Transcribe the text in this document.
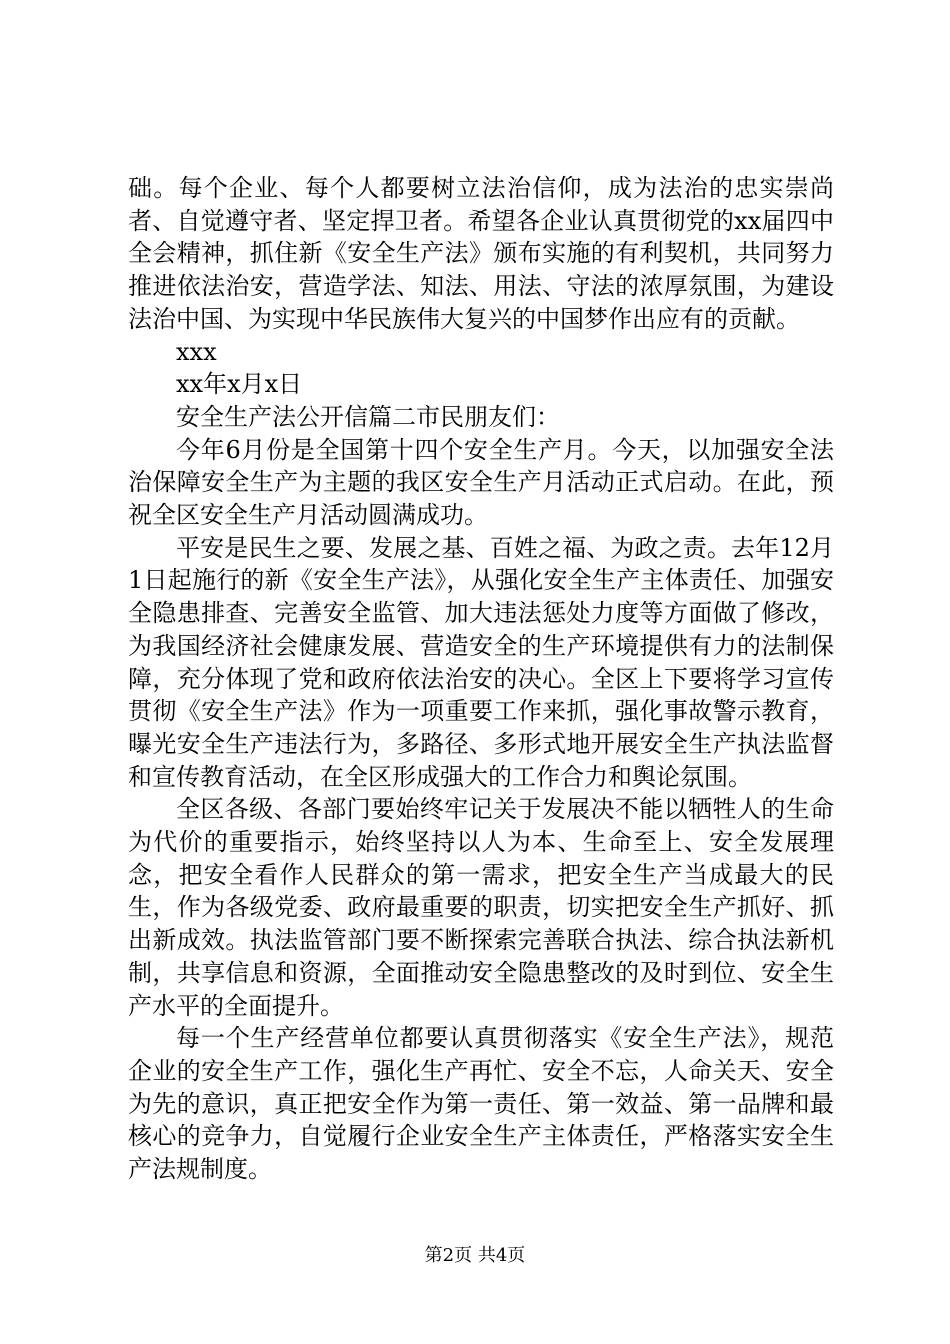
础。每个企业、每个人都要树立法治信仰，成为法治的忠实崇尚者、自觉遵守者、坚定捍卫者。希望各企业认真贯彻党的xx届四中全会精神，抓住新《安全生产法》颁布实施的有利契机，共同努力推进依法治安，营造学法、知法、用法、守法的浓厚氛围，为建设法治中国、为实现中华民族伟大复兴的中国梦作出应有的贡献。

xxx

xx年x月x日

安全生产法公开信篇二市民朋友们：

今年6月份是全国第十四个安全生产月。今天，以加强安全法治保障安全生产为主题的我区安全生产月活动正式启动。在此，预祝全区安全生产月活动圆满成功。

平安是民生之要、发展之基、百姓之福、为政之责。去年12月1日起施行的新《安全生产法》，从强化安全生产主体责任、加强安全隐患排查、完善安全监管、加大违法惩处力度等方面做了修改，为我国经济社会健康发展、营造安全的生产环境提供有力的法制保障，充分体现了党和政府依法治安的决心。全区上下要将学习宣传贯彻《安全生产法》作为一项重要工作来抓，强化事故警示教育，曝光安全生产违法行为，多路径、多形式地开展安全生产执法监督和宣传教育活动，在全区形成强大的工作合力和舆论氛围。

全区各级、各部门要始终牢记关于发展决不能以牺牲人的生命为代价的重要指示，始终坚持以人为本、生命至上、安全发展理念，把安全看作人民群众的第一需求，把安全生产当成最大的民生，作为各级党委、政府最重要的职责，切实把安全生产抓好、抓出新成效。执法监管部门要不断探索完善联合执法、综合执法新机制，共享信息和资源，全面推动安全隐患整改的及时到位、安全生产水平的全面提升。

每一个生产经营单位都要认真贯彻落实《安全生产法》，规范企业的安全生产工作，强化生产再忙、安全不忘，人命关天、安全为先的意识，真正把安全作为第一责任、第一效益、第一品牌和最核心的竞争力，自觉履行企业安全生产主体责任，严格落实安全生产法规制度。

第2页 共4页
